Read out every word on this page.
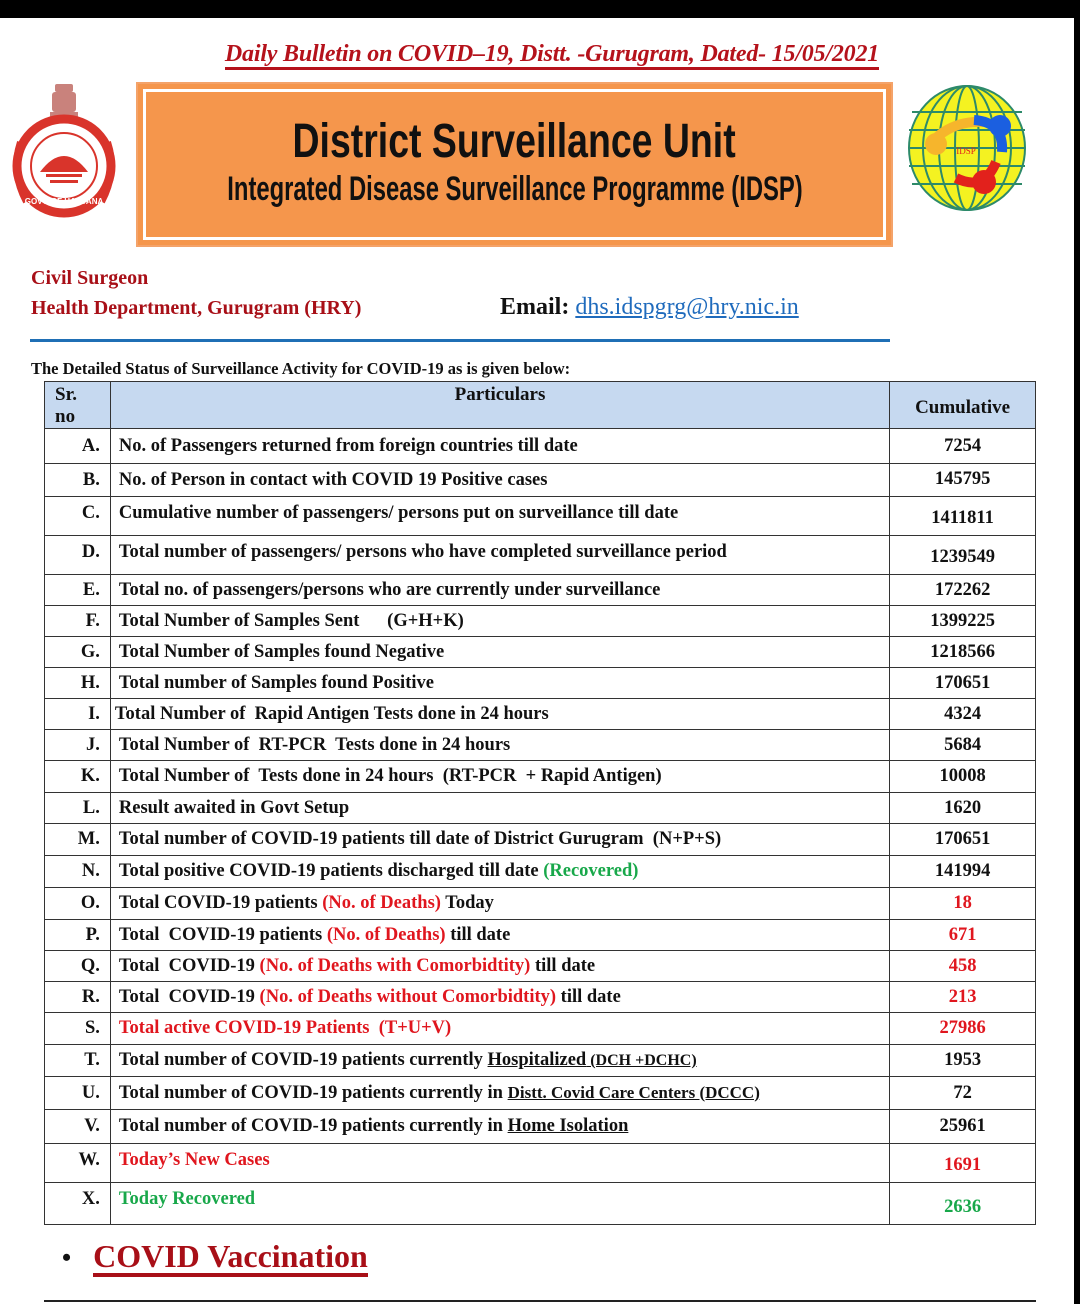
Daily Bulletin on COVID–19, Distt. -Gurugram, Dated- 15/05/2021
GOVT. OF HARYANA
District Surveillance Unit
Integrated Disease Surveillance Programme (IDSP)
IDSP
Civil Surgeon
Health Department, Gurugram (HRY)	Email: dhs.idspgrg@hry.nic.in
The Detailed Status of Surveillance Activity for COVID-19 as is given below:
Sr. no	Particulars	Cumulative
A.	No. of Passengers returned from foreign countries till date	7254
B.	No. of Person in contact with COVID 19 Positive cases	145795
C.	Cumulative number of passengers/ persons put on surveillance till date	1411811
D.	Total number of passengers/ persons who have completed surveillance period	1239549
E.	Total no. of passengers/persons who are currently under surveillance	172262
F.	Total Number of Samples Sent      (G+H+K)	1399225
G.	Total Number of Samples found Negative	1218566
H.	Total number of Samples found Positive	170651
I.	Total Number of  Rapid Antigen Tests done in 24 hours	4324
J.	Total Number of  RT-PCR  Tests done in 24 hours	5684
K.	Total Number of  Tests done in 24 hours  (RT-PCR  + Rapid Antigen)	10008
L.	Result awaited in Govt Setup	1620
M.	Total number of COVID-19 patients till date of District Gurugram  (N+P+S)	170651
N.	Total positive COVID-19 patients discharged till date (Recovered)	141994
O.	Total COVID-19 patients (No. of Deaths) Today	18
P.	Total  COVID-19 patients (No. of Deaths) till date	671
Q.	Total  COVID-19 (No. of Deaths with Comorbidtity) till date	458
R.	Total  COVID-19 (No. of Deaths without Comorbidtity) till date	213
S.	Total active COVID-19 Patients  (T+U+V)	27986
T.	Total number of COVID-19 patients currently Hospitalized (DCH +DCHC)	1953
U.	Total number of COVID-19 patients currently in Distt. Covid Care Centers (DCCC)	72
V.	Total number of COVID-19 patients currently in Home Isolation	25961
W.	Today’s New Cases	1691
X.	Today Recovered	2636
• COVID Vaccination
